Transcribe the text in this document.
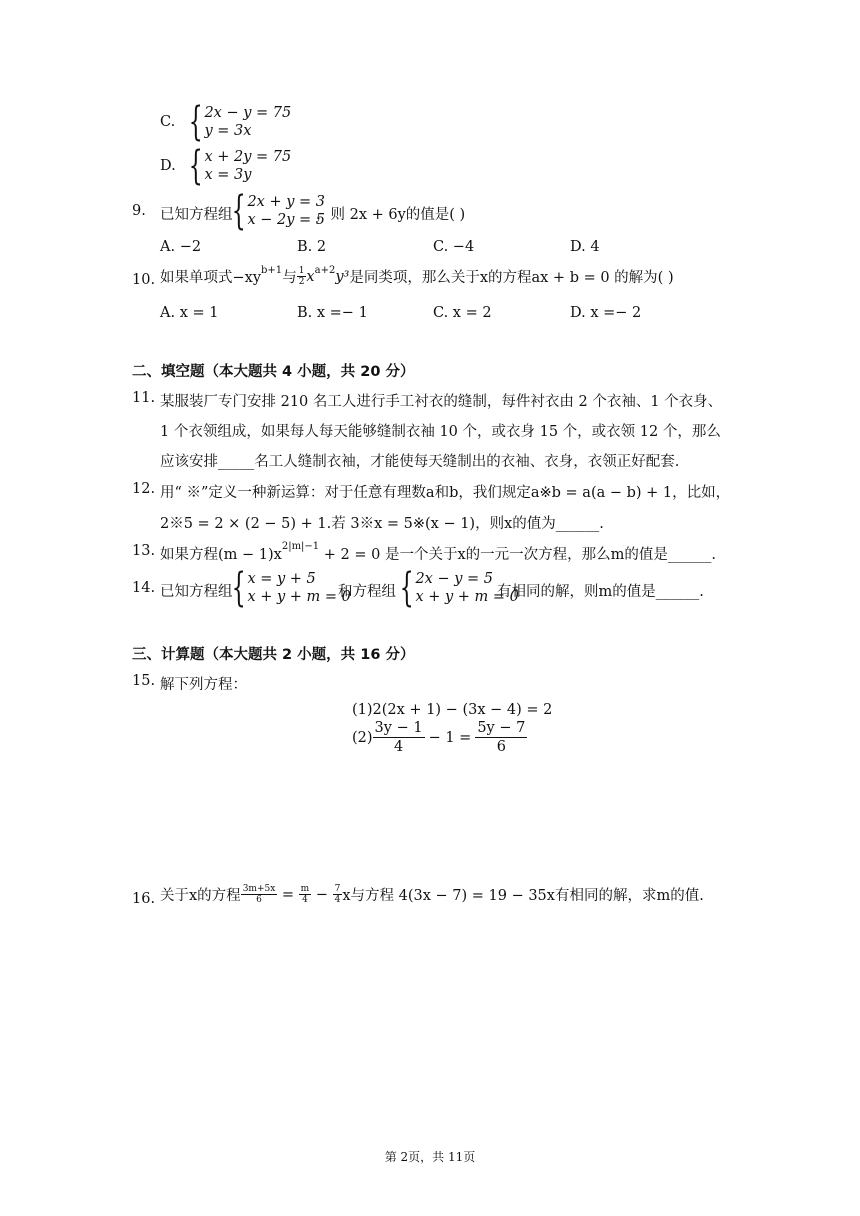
C. { 2x − y = 75
y = 3x
D. { x + 2y = 75
x = 3y
9. 已知方程组 { 2x + y = 3
x − 2y = 5
，则 2x + 6y的值是( )
A. −2	B. 2	C. −4	D. 4
10. 如果单项式$-xy^{b+1}$ 与 $\frac{1}{2} x^{a+2}$ y³ 是同类项，那么关于x的方程ax + b = 0 的解为( )
A. x = 1	B. x =− 1	C. x = 2	D. x =− 2
二、填空题（本大题共 4 小题，共 20 分）
11. 某服装厂专门安排 210 名工人进行手工衬衣的缝制，每件衬衣由 2 个衣袖、1 个衣身、
1 个衣领组成，如果每人每天能够缝制衣袖 10 个，或衣身 15 个，或衣领 12 个，那么
应该安排_____名工人缝制衣袖，才能使每天缝制出的衣袖、衣身，衣领正好配套.
12. 用“ ※”定义一种新运算：对于任意有理数a和b，我们规定a※b = a(a − b) + 1，比如，
2※5 = 2 × (2 − 5) + 1.若 3※x = 5※(x − 1)，则x的值为______.
13. 如果方程$(m - 1)x^{2|m|-1} + 2 = 0$ 是一个关于x的一元一次方程，那么m的值是______.
14. 已知方程组 { x = y + 5
x + y + m = 0
和方程组 { 2x − y = 5
x + y + m = 0
有相同的解，则m的值是______.
三、计算题（本大题共 2 小题，共 16 分）
15. 解下列方程：
(1)2(2x + 1) − (3x − 4) = 2
$(2) \frac{3y - 1}{4} - 1 = \frac{5y - 7}{6}$
16. 关于x的方程 $\frac{3m+5x}{6} = \frac{m}{4} - \frac{7}{4}$ x与方程 4(3x − 7) = 19 − 35x有相同的解，求m的值.
第 2页，共 11页
